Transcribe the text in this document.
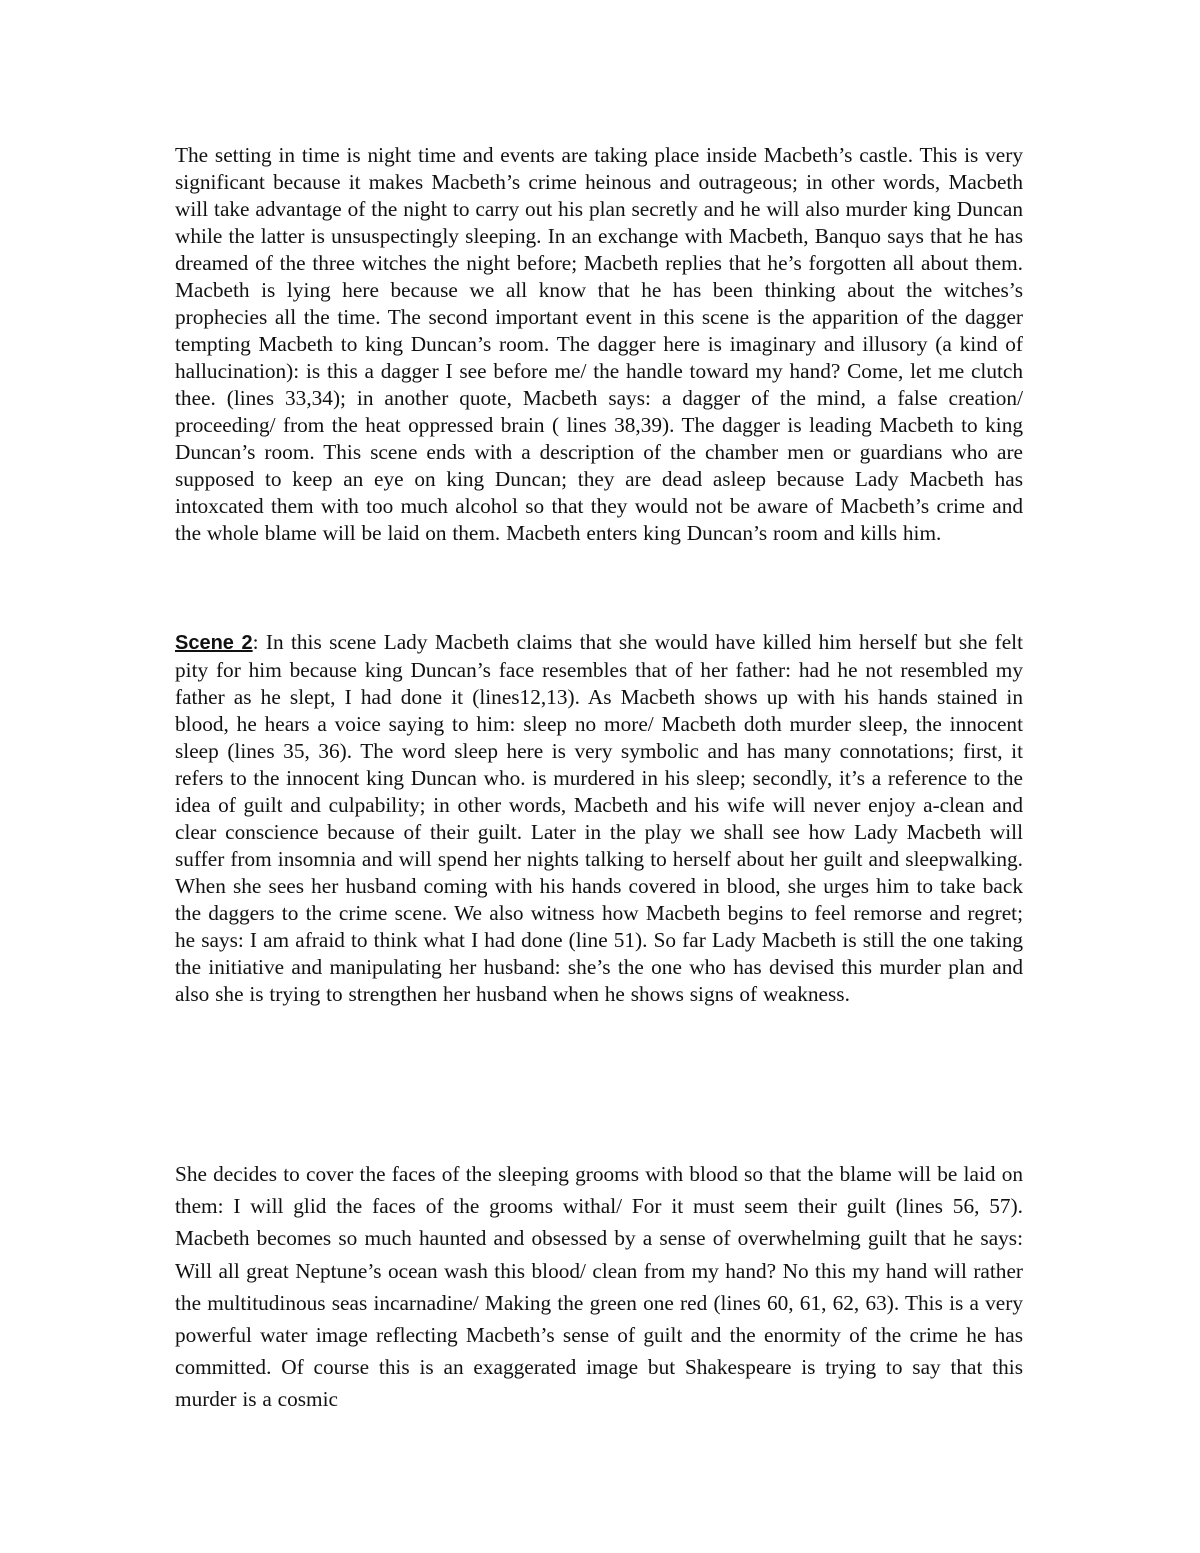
The setting in time is night time and events are taking place inside Macbeth’s castle. This is very significant because it makes Macbeth’s crime heinous and outrageous; in other words, Macbeth will take advantage of the night to carry out his plan secretly and he will also murder king Duncan while the latter is unsuspectingly sleeping. In an exchange with Macbeth, Banquo says that he has dreamed of the three witches the night before; Macbeth replies that he’s forgotten all about them. Macbeth is lying here because we all know that he has been thinking about the witches’s prophecies all the time. The second important event in this scene is the apparition of the dagger tempting Macbeth to king Duncan’s room. The dagger here is imaginary and illusory (a kind of hallucination): is this a dagger I see before me/ the handle toward my hand? Come, let me clutch thee. (lines 33,34); in another quote, Macbeth says: a dagger of the mind, a false creation/ proceeding/ from the heat oppressed brain ( lines 38,39). The dagger is leading Macbeth to king Duncan’s room. This scene ends with a description of the chamber men or guardians who are supposed to keep an eye on king Duncan; they are dead asleep because Lady Macbeth has intoxcated them with too much alcohol so that they would not be aware of Macbeth’s crime and the whole blame will be laid on them. Macbeth enters king Duncan’s room and kills him.

Scene 2: In this scene Lady Macbeth claims that she would have killed him herself but she felt pity for him because king Duncan’s face resembles that of her father: had he not resembled my father as he slept, I had done it (lines12,13). As Macbeth shows up with his hands stained in blood, he hears a voice saying to him: sleep no more/ Macbeth doth murder sleep, the innocent sleep (lines 35, 36). The word sleep here is very symbolic and has many connotations; first, it refers to the innocent king Duncan who. is murdered in his sleep; secondly, it’s a reference to the idea of guilt and culpability; in other words, Macbeth and his wife will never enjoy a-clean and clear conscience because of their guilt. Later in the play we shall see how Lady Macbeth will suffer from insomnia and will spend her nights talking to herself about her guilt and sleepwalking. When she sees her husband coming with his hands covered in blood, she urges him to take back the daggers to the crime scene. We also witness how Macbeth begins to feel remorse and regret; he says: I am afraid to think what I had done (line 51). So far Lady Macbeth is still the one taking the initiative and manipulating her husband: she’s the one who has devised this murder plan and also she is trying to strengthen her husband when he shows signs of weakness.

She decides to cover the faces of the sleeping grooms with blood so that the blame will be laid on them: I will glid the faces of the grooms withal/ For it must seem their guilt (lines 56, 57). Macbeth becomes so much haunted and obsessed by a sense of overwhelming guilt that he says: Will all great Neptune’s ocean wash this blood/ clean from my hand? No this my hand will rather the multitudinous seas incarnadine/ Making the green one red (lines 60, 61, 62, 63). This is a very powerful water image reflecting Macbeth’s sense of guilt and the enormity of the crime he has committed. Of course this is an exaggerated image but Shakespeare is trying to say that this murder is a cosmic
